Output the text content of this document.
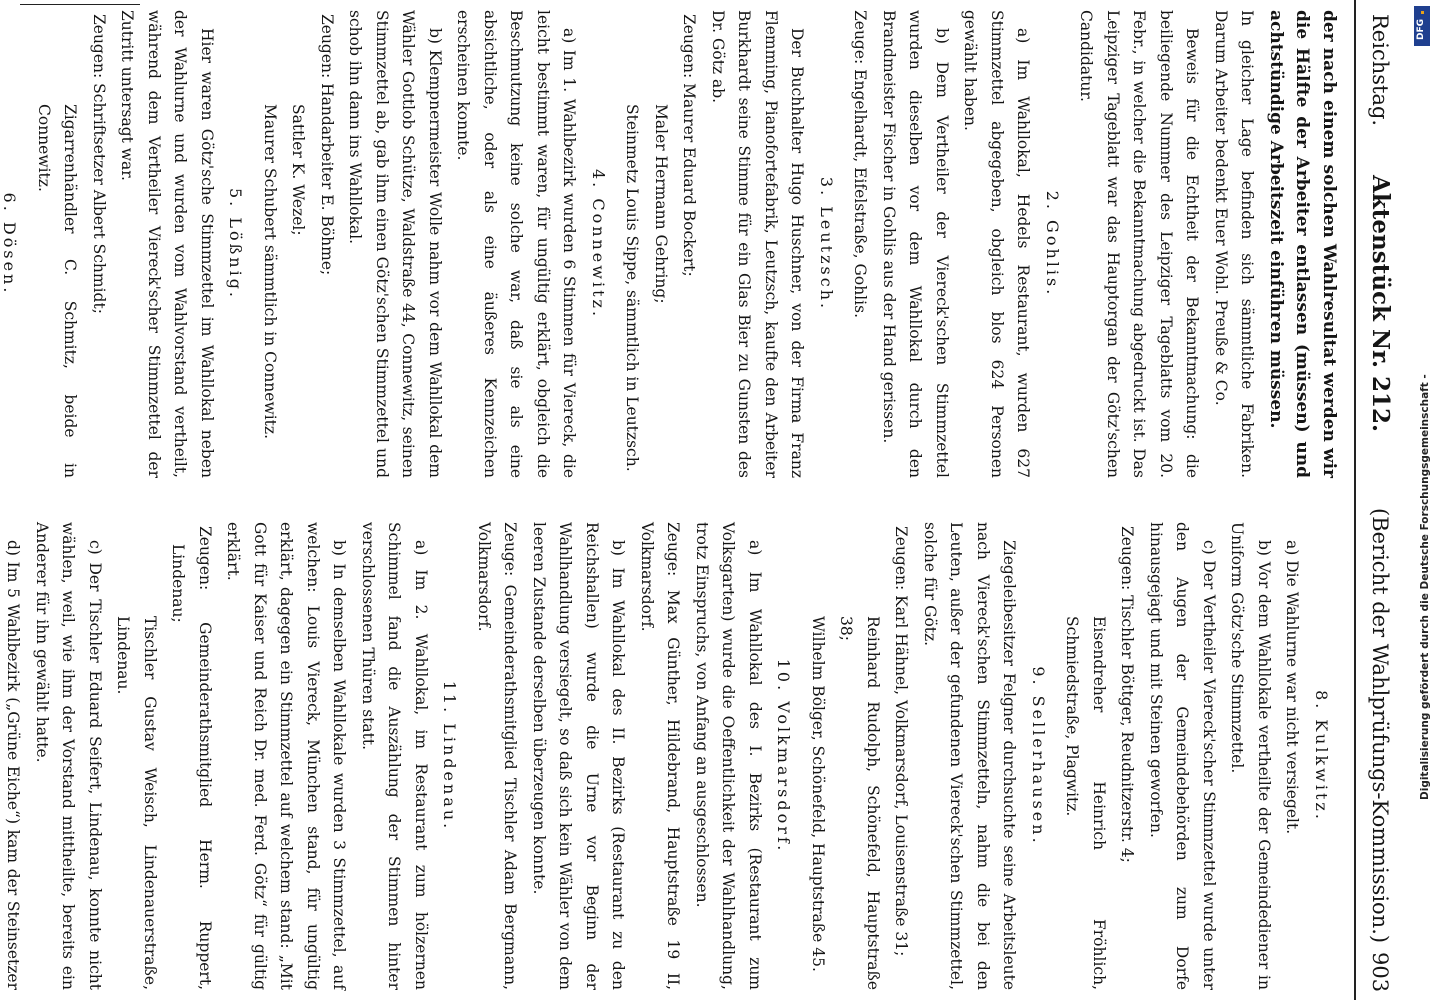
Reichstag.
Aktenstück Nr. 212.
(Bericht der Wahlprüfungs-Kommission.)
903

der nach einem solchen Wahlresultat werden wir die Hälfte der Arbeiter entlassen (müssen) und achtstündige Arbeitszeit einführen müssen.

In gleicher Lage befinden sich sämmtliche Fabriken. Darum Arbeiter bedenkt Euer Wohl. Preuße & Co.

Beweis für die Echtheit der Bekanntmachung: die beiliegende Nummer des Leipziger Tageblatts vom 20. Febr., in welcher die Bekanntmachung abgedruckt ist. Das Leipziger Tageblatt war das Hauptorgan der Götz'schen Candidatur.

2. Gohlis.

a) Im Wahllokal, Hedels Restaurant, wurden 627 Stimmzettel abgegeben, obgleich blos 624 Personen gewählt haben.

b) Dem Vertheiler der Viereck'schen Stimmzettel wurden dieselben vor dem Wahllokal durch den Brandmeister Fischer in Gohlis aus der Hand gerissen.

Zeuge: Engelhardt, Eifelstraße, Gohlis.

3. Leutzsch.

Der Buchhalter Hugo Huschner, von der Firma Franz Flemming, Pianofortefabrik, Leutzsch, kaufte den Arbeiter Burkhardt seine Stimme für ein Glas Bier zu Gunsten des Dr. Götz ab.

Zeugen: Maurer Eduard Bockert;

Maler Hermann Gehring;

Steinmetz Louis Sippe, sämmtlich in Leutzsch.

4. Connewitz.

a) Im 1. Wahlbezirk wurden 6 Stimmen für Viereck, die leicht bestimmt waren, für ungültig erklärt, obgleich die Beschmutzung keine solche war, daß sie als eine absichtliche, oder als eine äußeres Kennzeichen erscheinen konnte.

b) Klempnermeister Wolle nahm vor dem Wahllokal dem Wähler Gottlob Schütze, Waldstraße 44, Connewitz, seinen Stimmzettel ab, gab ihm einen Götz'schen Stimmzettel und schob ihn dann ins Wahllokal.

Zeugen: Handarbeiter E. Böhme;

Sattler K. Wezel;

Maurer Schubert sämmtlich in Connewitz.

5. Lößnig.

Hier waren Götz'sche Stimmzettel im Wahllokal neben der Wahlurne und wurden vom Wahlvorstand vertheilt, während dem Vertheiler Viereck'scher Stimmzettel der Zutritt untersagt war.

Zeugen: Schriftsetzer Albert Schmidt;

Zigarrenhändler C. Schmitz, beide in Connewitz.

6. Dösen.

8. Kulkwitz.

a) Die Wahlurne war nicht versiegelt.

b) Vor dem Wahllokale vertheilte der Gemeindediener in Uniform Götz'sche Stimmzettel.

c) Der Vertheiler Viereck'scher Stimmzettel wurde unter den Augen der Gemeindebehörden zum Dorfe hinausgejagt und mit Steinen geworfen.

Zeugen: Tischler Böttger, Reudnitzerstr. 4;

Eisendreher Heinrich Fröhlich, Schmiedstraße, Plagwitz.

9. Sellerhausen.

Ziegeleibesitzer Felgner durchsuchte seine Arbeitsleute nach Viereck'schen Stimmzetteln, nahm die bei den Leuten, außer der gefundenen Viereck'schen Stimmzettel, solche für Götz.

Zeugen: Karl Hähnel, Volkmarsdorf, Louisenstraße 31;

Reinhard Rudolph, Schönefeld, Hauptstraße 38;

Wilhelm Bölger, Schönefeld, Hauptstraße 45.

10. Volkmarsdorf.

a) Im Wahllokal des I. Bezirks (Restaurant zum Volksgarten) wurde die Oeffentlichkeit der Wahlhandlung, trotz Einspruchs, von Anfang an ausgeschlossen.

Zeuge: Max Günther, Hildebrand, Hauptstraße 19 II, Volkmarsdorf.

b) Im Wahllokal des II. Bezirks (Restaurant zu den Reichshallen) wurde die Urne vor Beginn der Wahlhandlung versiegelt, so daß sich kein Wähler von dem leeren Zustande derselben überzeugen konnte.

Zeuge: Gemeinderathsmitglied Tischler Adam Bergmann, Volkmarsdorf.

11. Lindenau.

a) Im 2. Wahllokal, im Restaurant zum hölzernen Schimmel fand die Auszählung der Stimmen hinter verschlossenen Thüren statt.

b) In demselben Wahllokale wurden 3 Stimmzettel, auf welchen: Louis Viereck, München stand, für ungültig erklärt, dagegen ein Stimmzettel auf welchem stand: „Mit Gott für Kaiser und Reich Dr. med. Ferd. Götz“ für gültig erklärt.

Zeugen: Gemeinderathsmitglied Herm. Ruppert, Lindenau;

Tischler Gustav Weisch, Lindenauerstraße, Lindenau.

c) Der Tischler Eduard Seifert, Lindenau, konnte nicht wählen, weil, wie ihm der Vorstand mittheilte, bereits ein Anderer für ihn gewählt hatte.

d) Im 5 Wahlbezirk („Grüne Eiche“) kam der Steinsetzer

DFG
Digitalisierung gefördert durch die Deutsche Forschungsgemeinschaft -
